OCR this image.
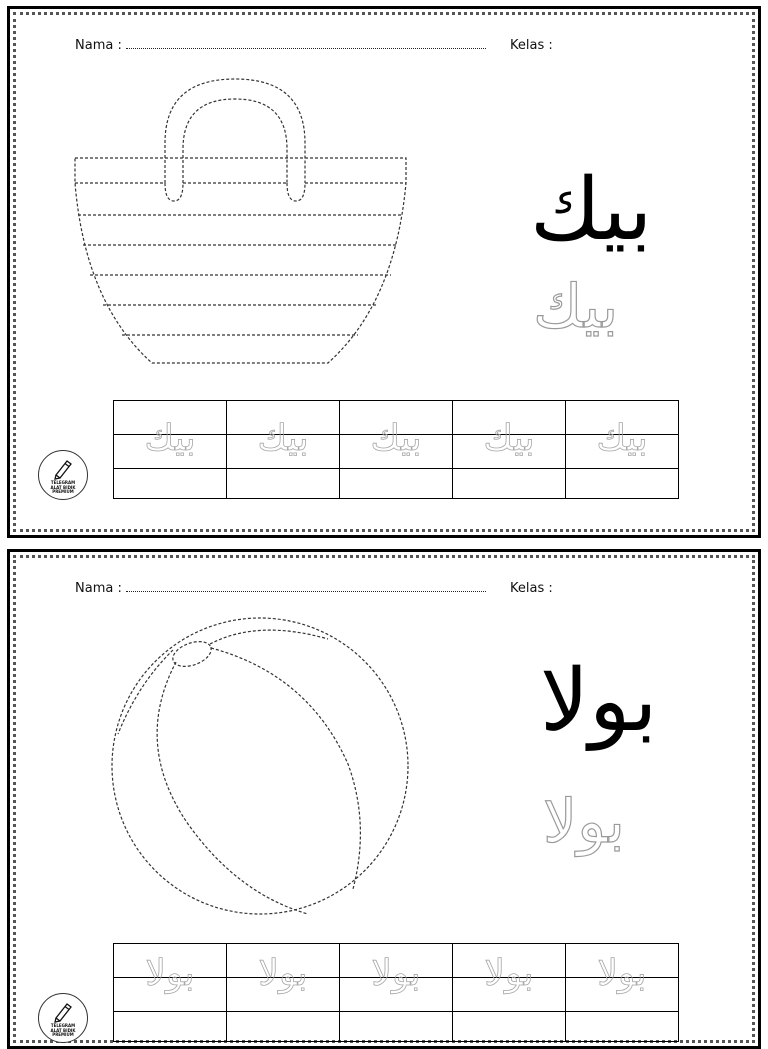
Nama :	Kelas :
بيك
بيك

بيك	بيك	بيك	بيك	بيك

TELEGRAM
ALAT BIDIK
PREMIUM
Nama :	Kelas :
بولا
بولا

بولا	بولا	بولا	بولا	بولا

TELEGRAM
ALAT BIDIK
PREMIUM
